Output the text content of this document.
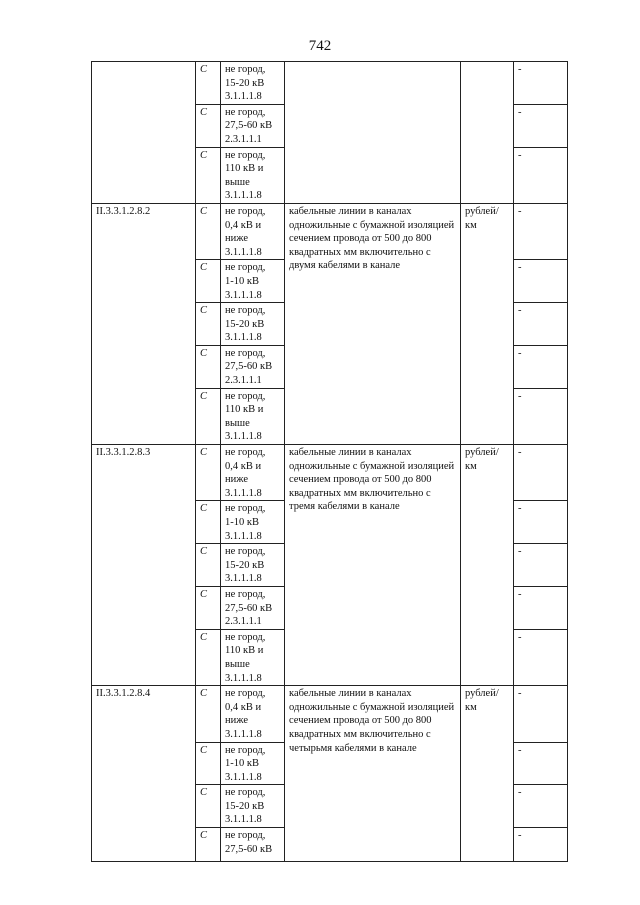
742
	С	не город,
15-20 кВ
3.1.1.1.8			-
	С	не город,
27,5-60 кВ
2.3.1.1.1			-
	С	не город,
110 кВ и
выше
3.1.1.1.8			-
II.3.3.1.2.8.2	С	не город,
0,4 кВ и
ниже
3.1.1.1.8	кабельные линии в каналах одножильные с бумажной изоляцией сечением провода от 500 до 800 квадратных мм включительно с двумя кабелями в канале	рублей/
км	-
	С	не город,
1-10 кВ
3.1.1.1.8			-
	С	не город,
15-20 кВ
3.1.1.1.8			-
	С	не город,
27,5-60 кВ
2.3.1.1.1			-
	С	не город,
110 кВ и
выше
3.1.1.1.8			-
II.3.3.1.2.8.3	С	не город,
0,4 кВ и
ниже
3.1.1.1.8	кабельные линии в каналах одножильные с бумажной изоляцией сечением провода от 500 до 800 квадратных мм включительно с тремя кабелями в канале	рублей/
км	-
	С	не город,
1-10 кВ
3.1.1.1.8			-
	С	не город,
15-20 кВ
3.1.1.1.8			-
	С	не город,
27,5-60 кВ
2.3.1.1.1			-
	С	не город,
110 кВ и
выше
3.1.1.1.8			-
II.3.3.1.2.8.4	С	не город,
0,4 кВ и
ниже
3.1.1.1.8	кабельные линии в каналах одножильные с бумажной изоляцией сечением провода от 500 до 800 квадратных мм включительно с четырьмя кабелями в канале	рублей/
км	-
	С	не город,
1-10 кВ
3.1.1.1.8			-
	С	не город,
15-20 кВ
3.1.1.1.8			-
	С	не город,
27,5-60 кВ			-
